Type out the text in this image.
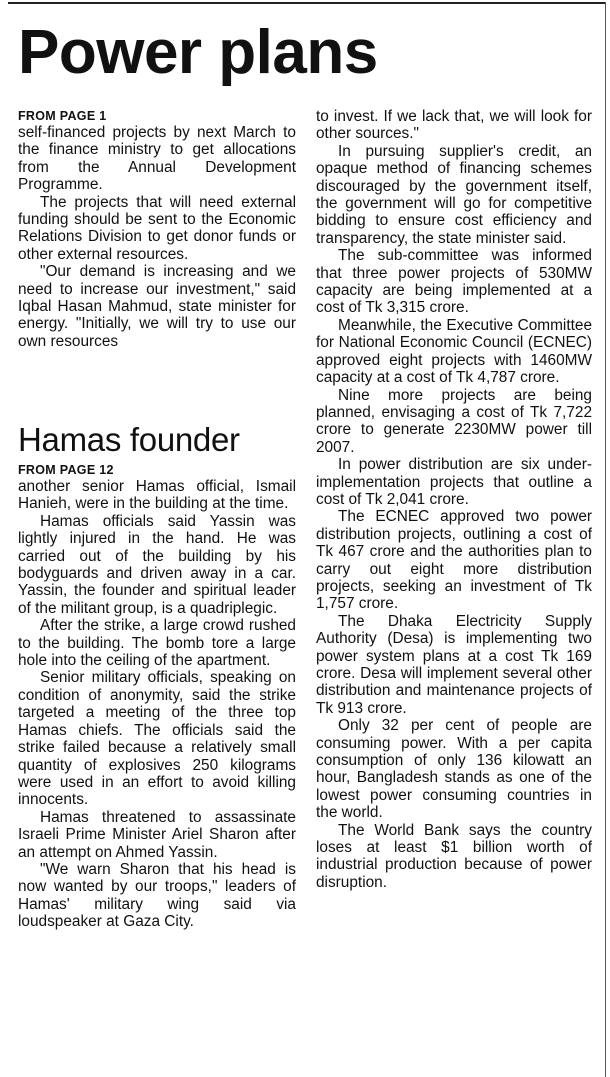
Power plans
FROM PAGE 1

self-financed projects by next March to the finance ministry to get allocations from the Annual Development Programme.

The projects that will need external funding should be sent to the Economic Relations Division to get donor funds or other external resources.

"Our demand is increasing and we need to increase our investment," said Iqbal Hasan Mahmud, state minister for energy. "Initially, we will try to use our own resources

Hamas founder
FROM PAGE 12

another senior Hamas official, Ismail Hanieh, were in the building at the time.

Hamas officials said Yassin was lightly injured in the hand. He was carried out of the building by his bodyguards and driven away in a car. Yassin, the founder and spiritual leader of the militant group, is a quadriplegic.

After the strike, a large crowd rushed to the building. The bomb tore a large hole into the ceiling of the apartment.

Senior military officials, speaking on condition of anonymity, said the strike targeted a meeting of the three top Hamas chiefs. The officials said the strike failed because a relatively small quantity of explosives 250 kilograms were used in an effort to avoid killing innocents.

Hamas threatened to assassinate Israeli Prime Minister Ariel Sharon after an attempt on Ahmed Yassin.

"We warn Sharon that his head is now wanted by our troops," leaders of Hamas' military wing said via loudspeaker at Gaza City.

to invest. If we lack that, we will look for other sources."

In pursuing supplier's credit, an opaque method of financing schemes discouraged by the government itself, the government will go for competitive bidding to ensure cost efficiency and transparency, the state minister said.

The sub-committee was informed that three power projects of 530MW capacity are being implemented at a cost of Tk 3,315 crore.

Meanwhile, the Executive Committee for National Economic Council (ECNEC) approved eight projects with 1460MW capacity at a cost of Tk 4,787 crore.

Nine more projects are being planned, envisaging a cost of Tk 7,722 crore to generate 2230MW power till 2007.

In power distribution are six under-implementation projects that outline a cost of Tk 2,041 crore.

The ECNEC approved two power distribution projects, outlining a cost of Tk 467 crore and the authorities plan to carry out eight more distribution projects, seeking an investment of Tk 1,757 crore.

The Dhaka Electricity Supply Authority (Desa) is implementing two power system plans at a cost Tk 169 crore. Desa will implement several other distribution and maintenance projects of Tk 913 crore.

Only 32 per cent of people are consuming power. With a per capita consumption of only 136 kilowatt an hour, Bangladesh stands as one of the lowest power consuming countries in the world.

The World Bank says the country loses at least $1 billion worth of industrial production because of power disruption.
